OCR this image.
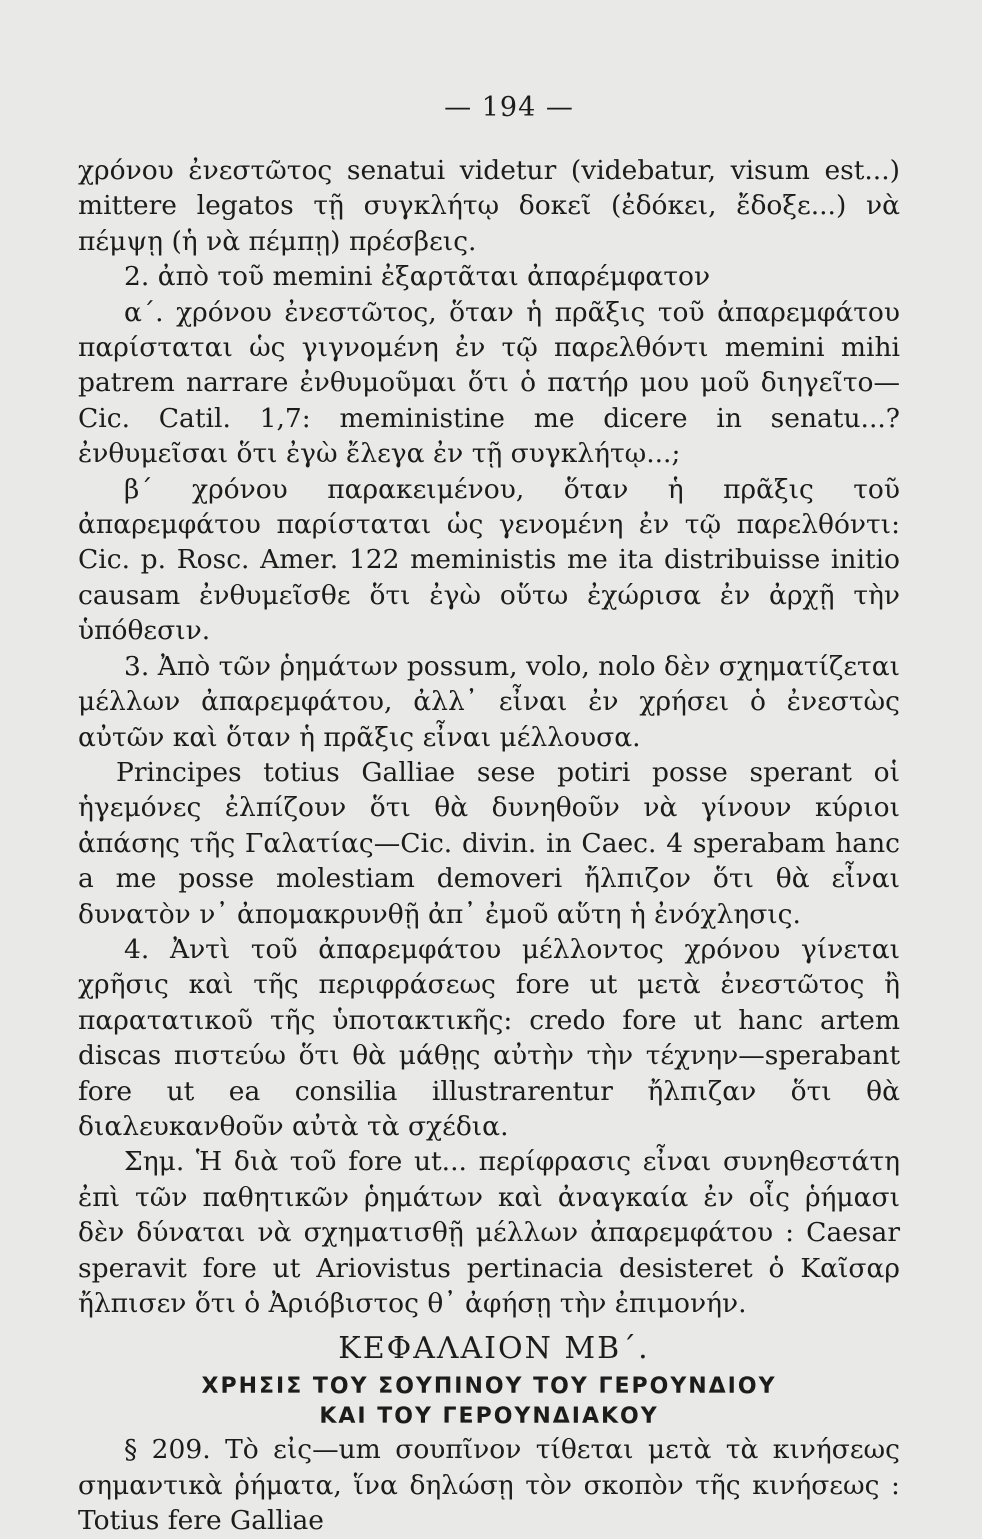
— 194 —

χρόνου ἐνεστῶτος senatui videtur (videbatur, visum est...) mittere legatos τῇ συγκλήτῳ δοκεῖ (ἐδόκει, ἔδοξε...) νὰ πέμψῃ (ἡ νὰ πέμπῃ) πρέσβεις.

2. ἀπὸ τοῦ memini ἐξαρτᾶται ἀπαρέμφατον

α΄. χρόνου ἐνεστῶτος, ὅταν ἡ πρᾶξις τοῦ ἀπαρεμφάτου παρίσταται ὡς γιγνομένη ἐν τῷ παρελθόντι memini mihi patrem narrare ἐνθυμοῦμαι ὅτι ὁ πατήρ μου μοῦ διηγεῖτο—Cic. Catil. 1,7: meministine me dicere in senatu...? ἐνθυμεῖσαι ὅτι ἐγὼ ἔλεγα ἐν τῇ συγκλήτῳ...;

β΄ χρόνου παρακειμένου, ὅταν ἡ πρᾶξις τοῦ ἀπαρεμφάτου παρίσταται ὡς γενομένη ἐν τῷ παρελθόντι: Cic. p. Rosc. Amer. 122 meministis me ita distribuisse initio causam ἐνθυμεῖσθε ὅτι ἐγὼ οὕτω ἐχώρισα ἐν ἀρχῇ τὴν ὑπόθεσιν.

3. Ἀπὸ τῶν ῥημάτων possum, volo, nolo δὲν σχηματίζεται μέλλων ἀπαρεμφάτου, ἀλλ᾽ εἶναι ἐν χρήσει ὁ ἐνεστὼς αὐτῶν καὶ ὅταν ἡ πρᾶξις εἶναι μέλλουσα.

Principes totius Galliae sese potiri posse sperant οἱ ἡγεμόνες ἐλπίζουν ὅτι θὰ δυνηθοῦν νὰ γίνουν κύριοι ἁπάσης τῆς Γαλατίας—Cic. divin. in Caec. 4 sperabam hanc a me posse molestiam demoveri ἤλπιζον ὅτι θὰ εἶναι δυνατὸν ν᾽ ἀπομακρυνθῇ ἀπ᾽ ἐμοῦ αὕτη ἡ ἐνόχλησις.

4. Ἀντὶ τοῦ ἀπαρεμφάτου μέλλοντος χρόνου γίνεται χρῆσις καὶ τῆς περιφράσεως fore ut μετὰ ἐνεστῶτος ἢ παρατατικοῦ τῆς ὑποτακτικῆς: credo fore ut hanc artem discas πιστεύω ὅτι θὰ μάθῃς αὐτὴν τὴν τέχνην—sperabant fore ut ea consilia illustrarentur ἤλπιζαν ὅτι θὰ διαλευκανθοῦν αὐτὰ τὰ σχέδια.

Σημ. Ἡ διὰ τοῦ fore ut... περίφρασις εἶναι συνηθεστάτη ἐπὶ τῶν παθητικῶν ῥημάτων καὶ ἀναγκαία ἐν οἷς ῥήμασι δὲν δύναται νὰ σχηματισθῇ μέλλων ἀπαρεμφάτου : Caesar speravit fore ut Ariovistus pertinacia desisteret ὁ Καῖσαρ ἤλπισεν ὅτι ὁ Ἀριόβιστος θ᾽ ἀφήσῃ τὴν ἐπιμονήν.

ΚΕΦΑΛΑΙΟΝ ΜΒ΄.
ΧΡΗΣΙΣ ΤΟΥ ΣΟΥΠΙΝΟΥ ΤΟΥ ΓΕΡΟΥΝΔΙΟΥ
ΚΑΙ ΤΟΥ ΓΕΡΟΥΝΔΙΑΚΟΥ

§ 209. Τὸ εἰς—um σουπῖνον τίθεται μετὰ τὰ κινήσεως σημαντικὰ ῥήματα, ἵνα δηλώσῃ τὸν σκοπὸν τῆς κινήσεως : Totius fere Galliae
